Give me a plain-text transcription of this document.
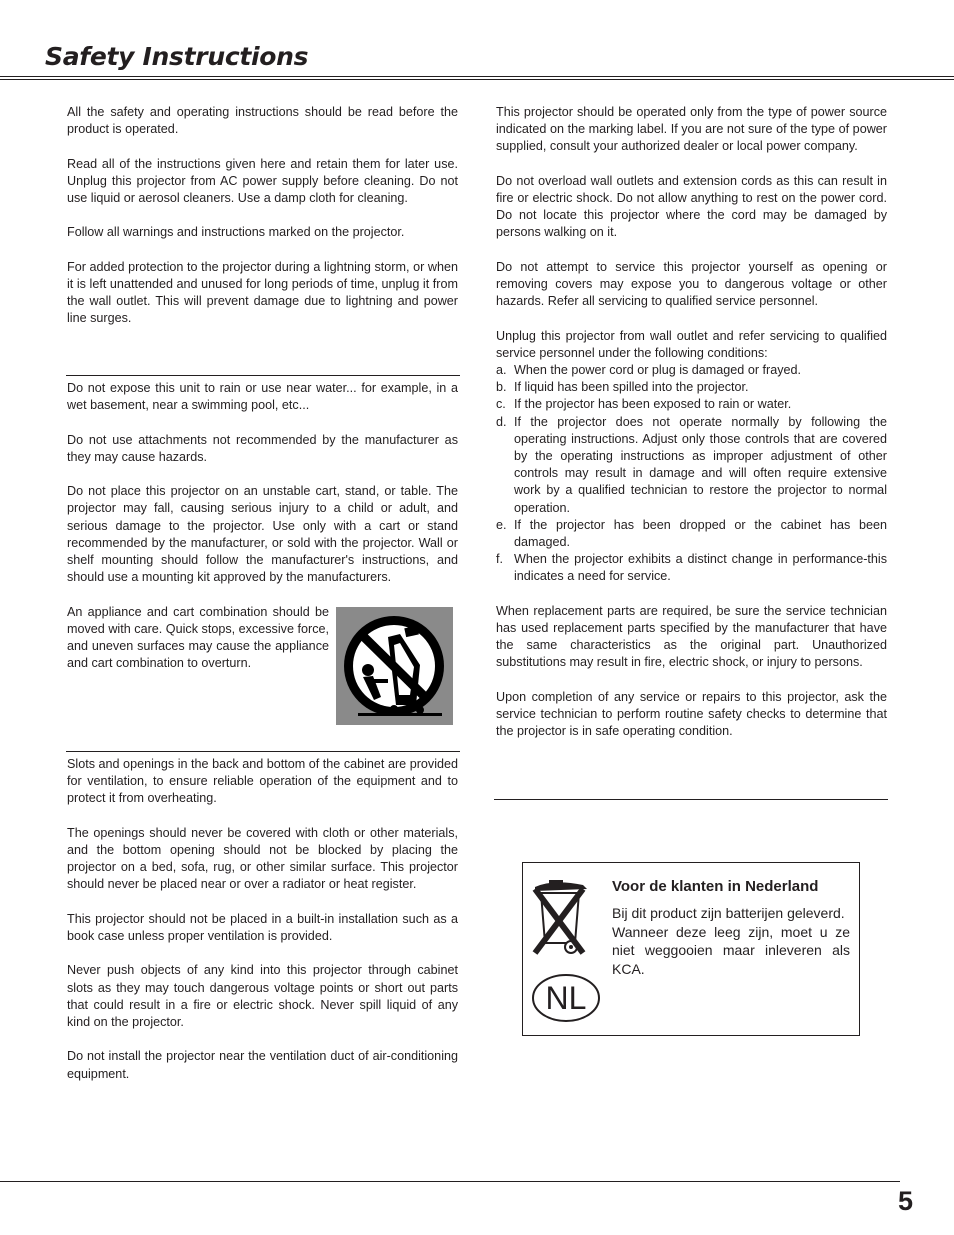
Safety Instructions

All the safety and operating instructions should be read before the product is operated.

Read all of the instructions given here and retain them for later use. Unplug this projector from AC power supply before cleaning. Do not use liquid or aerosol cleaners. Use a damp cloth for cleaning.

Follow all warnings and instructions marked on the projector.

For added protection to the projector during a lightning storm, or when it is left unattended and unused for long periods of time, unplug it from the wall outlet. This will prevent damage due to lightning and power line surges.

Do not expose this unit to rain or use near water... for example, in a wet basement, near a swimming pool, etc...

Do not use attachments not recommended by the manufacturer as they may cause hazards.

Do not place this projector on an unstable cart, stand, or table. The projector may fall, causing serious injury to a child or adult, and serious damage to the projector. Use only with a cart or stand recommended by the manufacturer, or sold with the projector. Wall or shelf mounting should follow the manufacturer's instructions, and should use a mounting kit approved by the manufacturers.

An appliance and cart combination should be moved with care. Quick stops, excessive force, and uneven surfaces may cause the appliance and cart combination to overturn.

Slots and openings in the back and bottom of the cabinet are provided for ventilation, to ensure reliable operation of the equipment and to protect it from overheating.

The openings should never be covered with cloth or other materials, and the bottom opening should not be blocked by placing the projector on a bed, sofa, rug, or other similar surface. This projector should never be placed near or over a radiator or heat register.

This projector should not be placed in a built-in installation such as a book case unless proper ventilation is provided.

Never push objects of any kind into this projector through cabinet slots as they may touch dangerous voltage points or short out parts that could result in a fire or electric shock. Never spill liquid of any kind on the projector.

Do not install the projector near the ventilation duct of air-conditioning equipment.

This projector should be operated only from the type of power source indicated on the marking label. If you are not sure of the type of power supplied, consult your authorized dealer or local power company.

Do not overload wall outlets and extension cords as this can result in fire or electric shock. Do not allow anything to rest on the power cord. Do not locate this projector where the cord may be damaged by persons walking on it.

Do not attempt to service this projector yourself as opening or removing covers may expose you to dangerous voltage or other hazards. Refer all servicing to qualified service personnel.

Unplug this projector from wall outlet and refer servicing to qualified service personnel under the following conditions:

a. When the power cord or plug is damaged or frayed.
b. If liquid has been spilled into the projector.
c. If the projector has been exposed to rain or water.
d. If the projector does not operate normally by following the operating instructions. Adjust only those controls that are covered by the operating instructions as improper adjustment of other controls may result in damage and will often require extensive work by a qualified technician to restore the projector to normal operation.
e. If the projector has been dropped or the cabinet has been damaged.
f. When the projector exhibits a distinct change in performance-this indicates a need for service.

When replacement parts are required, be sure the service technician has used replacement parts specified by the manufacturer that have the same characteristics as the original part. Unauthorized substitutions may result in fire, electric shock, or injury to persons.

Upon completion of any service or repairs to this projector, ask the service technician to perform routine safety checks to determine that the projector is in safe operating condition.

NL
Voor de klanten in Nederland

Bij dit product zijn batterijen geleverd.

Wanneer deze leeg zijn, moet u ze niet weggooien maar inleveren als KCA.

5
